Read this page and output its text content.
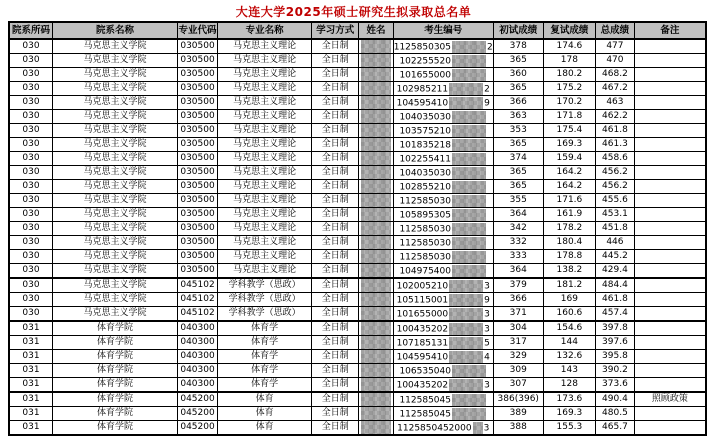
大连大学2025年硕士研究生拟录取总名单
院系所码	院系名称	专业代码	专业名称	学习方式	姓名	考生编号	初试成绩	复试成绩	总成绩	备注
030	马克思主义学院	030500	马克思主义理论	全日制		1125850305 2	378	174.6	477	
030	马克思主义学院	030500	马克思主义理论	全日制		102255520	365	178	470	
030	马克思主义学院	030500	马克思主义理论	全日制		101655000	360	180.2	468.2	
030	马克思主义学院	030500	马克思主义理论	全日制		102985211 2	365	175.2	467.2	
030	马克思主义学院	030500	马克思主义理论	全日制		104595410 9	366	170.2	463	
030	马克思主义学院	030500	马克思主义理论	全日制		104035030	363	171.8	462.2	
030	马克思主义学院	030500	马克思主义理论	全日制		103575210	353	175.4	461.8	
030	马克思主义学院	030500	马克思主义理论	全日制		101835218	365	169.3	461.3	
030	马克思主义学院	030500	马克思主义理论	全日制		102255411	374	159.4	458.6	
030	马克思主义学院	030500	马克思主义理论	全日制		104035030	365	164.2	456.2	
030	马克思主义学院	030500	马克思主义理论	全日制		102855210	365	164.2	456.2	
030	马克思主义学院	030500	马克思主义理论	全日制		112585030	355	171.6	455.6	
030	马克思主义学院	030500	马克思主义理论	全日制		105895305	364	161.9	453.1	
030	马克思主义学院	030500	马克思主义理论	全日制		112585030	342	178.2	451.8	
030	马克思主义学院	030500	马克思主义理论	全日制		112585030	332	180.4	446	
030	马克思主义学院	030500	马克思主义理论	全日制		112585030	333	178.8	445.2	
030	马克思主义学院	030500	马克思主义理论	全日制		104975400	364	138.2	429.4	
030	马克思主义学院	045102	学科教学（思政）	全日制		102005210 3	379	181.2	484.4	
030	马克思主义学院	045102	学科教学（思政）	全日制		105115001 9	366	169	461.8	
030	马克思主义学院	045102	学科教学（思政）	全日制		101655000 3	371	160.6	457.4	
031	体育学院	040300	体育学	全日制		100435202 3	304	154.6	397.8	
031	体育学院	040300	体育学	全日制		107185131 5	317	144	397.6	
031	体育学院	040300	体育学	全日制		104595410 4	329	132.6	395.8	
031	体育学院	040300	体育学	全日制		106535040	309	143	390.2	
031	体育学院	040300	体育学	全日制		100435202 3	307	128	373.6	
031	体育学院	045200	体育	全日制		112585045	386(396)	173.6	490.4	照顾政策
031	体育学院	045200	体育	全日制		112585045	389	169.3	480.5	
031	体育学院	045200	体育	全日制		1125850452000 3	388	155.3	465.7	
